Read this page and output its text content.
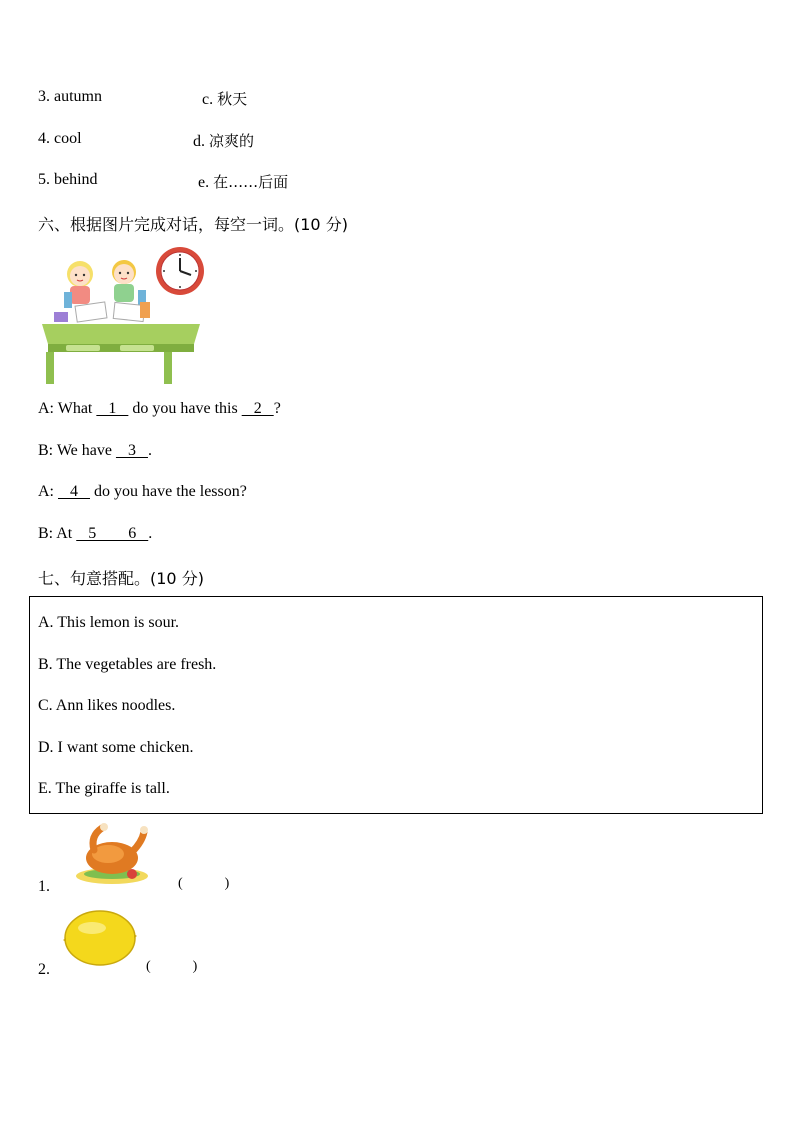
3. autumn	c. 秋天
4. cool	d. 凉爽的
5. behind	e. 在……后面
六、根据图片完成对话，每空一词。(10 分)
A: What    1    do you have this    2   ?
B: We have    3   .
A:    4    do you have the lesson?
B: At    5        6   .
七、句意搭配。(10 分)
A. This lemon is sour.
B. The vegetables are fresh.
C. Ann likes noodles.
D. I want some chicken.
E. The giraffe is tall.
1.	(            )
2.	(            )
